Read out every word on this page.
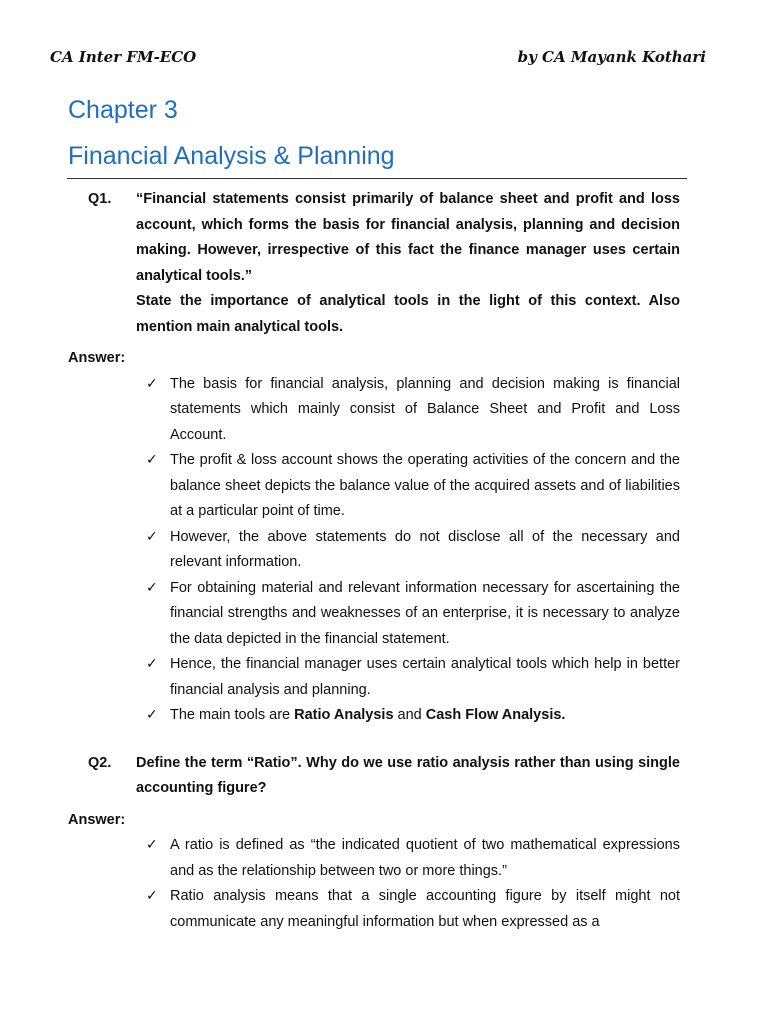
CA Inter FM-ECO	by CA Mayank Kothari
Chapter 3
Financial Analysis & Planning
Q1. “Financial statements consist primarily of balance sheet and profit and loss account, which forms the basis for financial analysis, planning and decision making. However, irrespective of this fact the finance manager uses certain analytical tools.”

State the importance of analytical tools in the light of this context. Also mention main analytical tools.

Answer:
✓ The basis for financial analysis, planning and decision making is financial statements which mainly consist of Balance Sheet and Profit and Loss Account.
✓ The profit & loss account shows the operating activities of the concern and the balance sheet depicts the balance value of the acquired assets and of liabilities at a particular point of time.
✓ However, the above statements do not disclose all of the necessary and relevant information.
✓ For obtaining material and relevant information necessary for ascertaining the financial strengths and weaknesses of an enterprise, it is necessary to analyze the data depicted in the financial statement.
✓ Hence, the financial manager uses certain analytical tools which help in better financial analysis and planning.
✓ The main tools are Ratio Analysis and Cash Flow Analysis.
Q2. Define the term “Ratio”. Why do we use ratio analysis rather than using single accounting figure?

Answer:
✓ A ratio is defined as “the indicated quotient of two mathematical expressions and as the relationship between two or more things.”
✓ Ratio analysis means that a single accounting figure by itself might not communicate any meaningful information but when expressed as a
